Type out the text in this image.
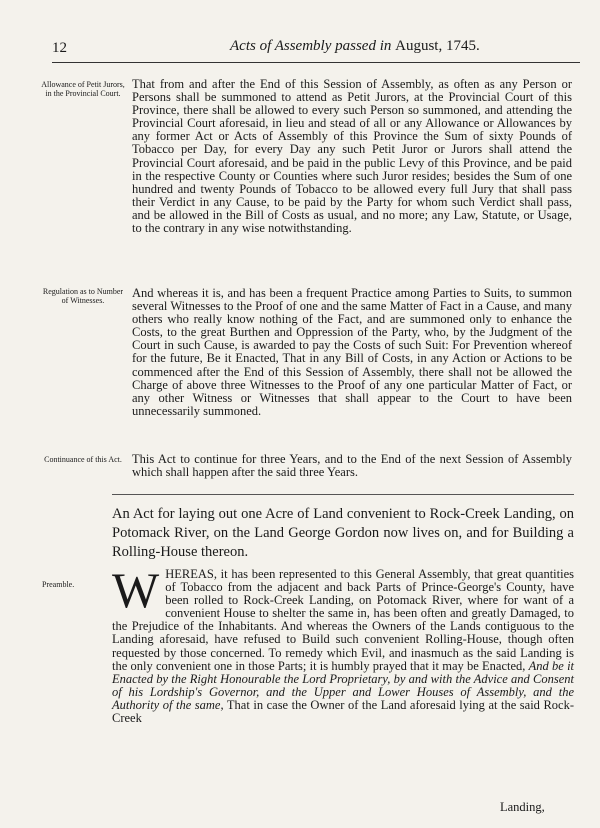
12	Acts of Assembly passed in August, 1745.
Allowance of Petit Jurors, in the Provincial Court.
That from and after the End of this Session of Assembly, as often as any Person or Persons shall be summoned to attend as Petit Jurors, at the Provincial Court of this Province, there shall be allowed to every such Person so summoned, and attending the Provincial Court aforesaid, in lieu and stead of all or any Allowance or Allowances by any former Act or Acts of Assembly of this Province the Sum of sixty Pounds of Tobacco per Day, for every Day any such Petit Juror or Jurors shall attend the Provincial Court aforesaid, and be paid in the public Levy of this Province, and be paid in the respective County or Counties where such Juror resides; besides the Sum of one hundred and twenty Pounds of Tobacco to be allowed every full Jury that shall pass their Verdict in any Cause, to be paid by the Party for whom such Verdict shall pass, and be allowed in the Bill of Costs as usual, and no more; any Law, Statute, or Usage, to the contrary in any wise notwithstanding.
Regulation as to Number of Witnesses.
And whereas it is, and has been a frequent Practice among Parties to Suits, to summon several Witnesses to the Proof of one and the same Matter of Fact in a Cause, and many others who really know nothing of the Fact, and are summoned only to enhance the Costs, to the great Burthen and Oppression of the Party, who, by the Judgment of the Court in such Cause, is awarded to pay the Costs of such Suit: For Prevention whereof for the future, Be it Enacted, That in any Bill of Costs, in any Action or Actions to be commenced after the End of this Session of Assembly, there shall not be allowed the Charge of above three Witnesses to the Proof of any one particular Matter of Fact, or any other Witness or Witnesses that shall appear to the Court to have been unnecessarily summoned.
Continuance of this Act. This Act to continue for three Years, and to the End of the next Session of Assembly which shall happen after the said three Years.
An Act for laying out one Acre of Land convenient to Rock-Creek Landing, on Potomack River, on the Land George Gordon now lives on, and for Building a Rolling-House thereon.
Preamble. WHEREAS, it has been represented to this General Assembly, that great quantities of Tobacco from the adjacent and back Parts of Prince-George's County, have been rolled to Rock-Creek Landing, on Potomack River, where for want of a convenient House to shelter the same in, has been often and greatly Damaged, to the Prejudice of the Inhabitants. And whereas the Owners of the Lands contiguous to the Landing aforesaid, have refused to Build such convenient Rolling-House, though often requested by those concerned. To remedy which Evil, and inasmuch as the said Landing is the only convenient one in those Parts; it is humbly prayed that it may be Enacted, And be it Enacted by the Right Honourable the Lord Proprietary, by and with the Advice and Consent of his Lordship's Governor, and the Upper and Lower Houses of Assembly, and the Authority of the same, That in case the Owner of the Land aforesaid lying at the said Rock-Creek
Landing,
